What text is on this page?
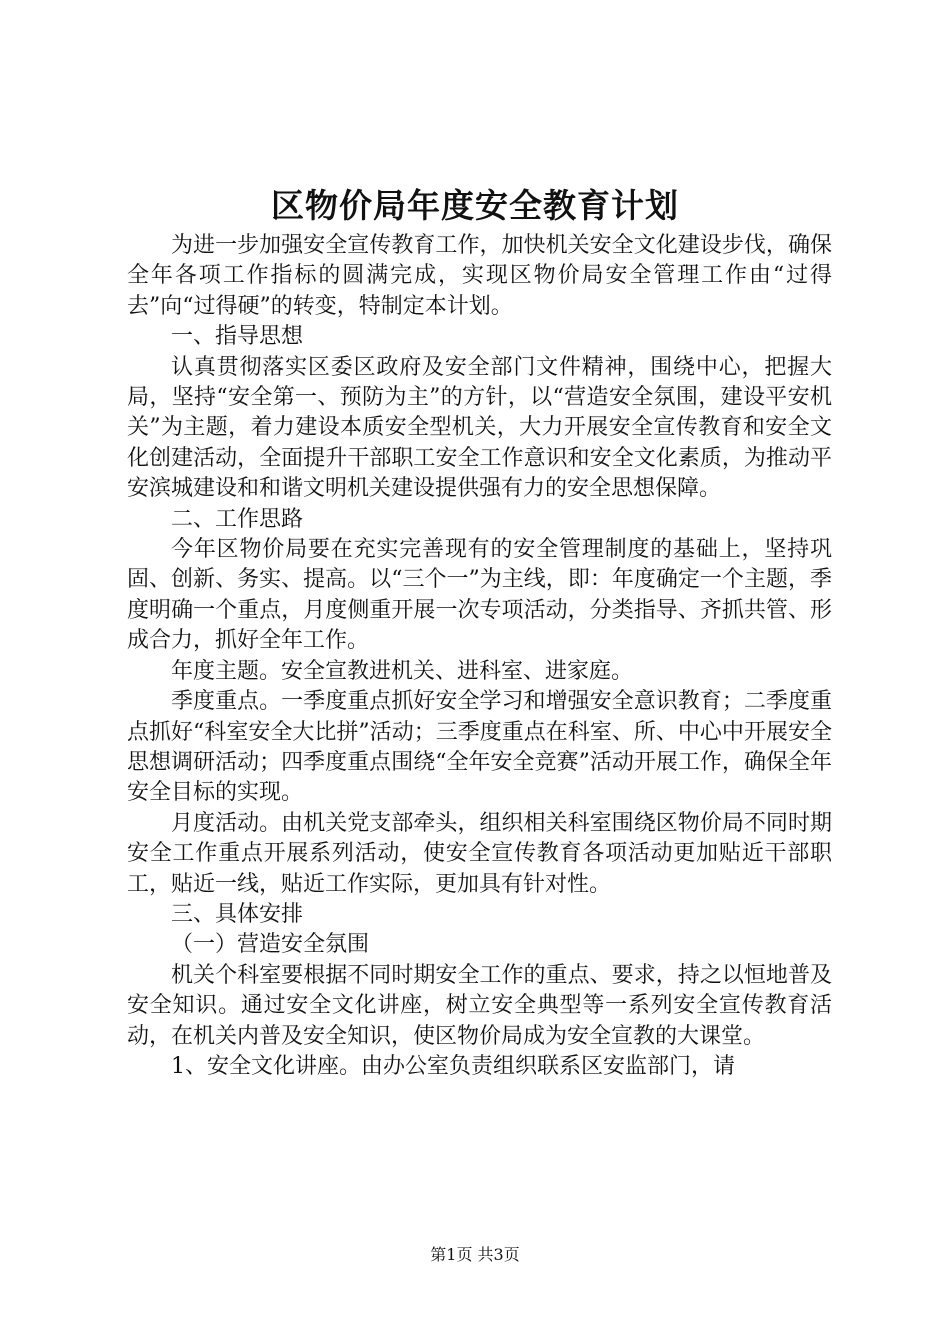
区物价局年度安全教育计划

为进一步加强安全宣传教育工作，加快机关安全文化建设步伐，确保全年各项工作指标的圆满完成，实现区物价局安全管理工作由“过得去”向“过得硬”的转变，特制定本计划。

一、指导思想

认真贯彻落实区委区政府及安全部门文件精神，围绕中心，把握大局，坚持“安全第一、预防为主”的方针，以“营造安全氛围，建设平安机关”为主题，着力建设本质安全型机关，大力开展安全宣传教育和安全文化创建活动，全面提升干部职工安全工作意识和安全文化素质，为推动平安滨城建设和和谐文明机关建设提供强有力的安全思想保障。

二、工作思路

今年区物价局要在充实完善现有的安全管理制度的基础上，坚持巩固、创新、务实、提高。以“三个一”为主线，即：年度确定一个主题，季度明确一个重点，月度侧重开展一次专项活动，分类指导、齐抓共管、形成合力，抓好全年工作。

年度主题。安全宣教进机关、进科室、进家庭。

季度重点。一季度重点抓好安全学习和增强安全意识教育；二季度重点抓好“科室安全大比拼”活动；三季度重点在科室、所、中心中开展安全思想调研活动；四季度重点围绕“全年安全竞赛”活动开展工作，确保全年安全目标的实现。

月度活动。由机关党支部牵头，组织相关科室围绕区物价局不同时期安全工作重点开展系列活动，使安全宣传教育各项活动更加贴近干部职工，贴近一线，贴近工作实际，更加具有针对性。

三、具体安排

（一）营造安全氛围

机关个科室要根据不同时期安全工作的重点、要求，持之以恒地普及安全知识。通过安全文化讲座，树立安全典型等一系列安全宣传教育活动，在机关内普及安全知识，使区物价局成为安全宣教的大课堂。

1、安全文化讲座。由办公室负责组织联系区安监部门，请

第1页 共3页
